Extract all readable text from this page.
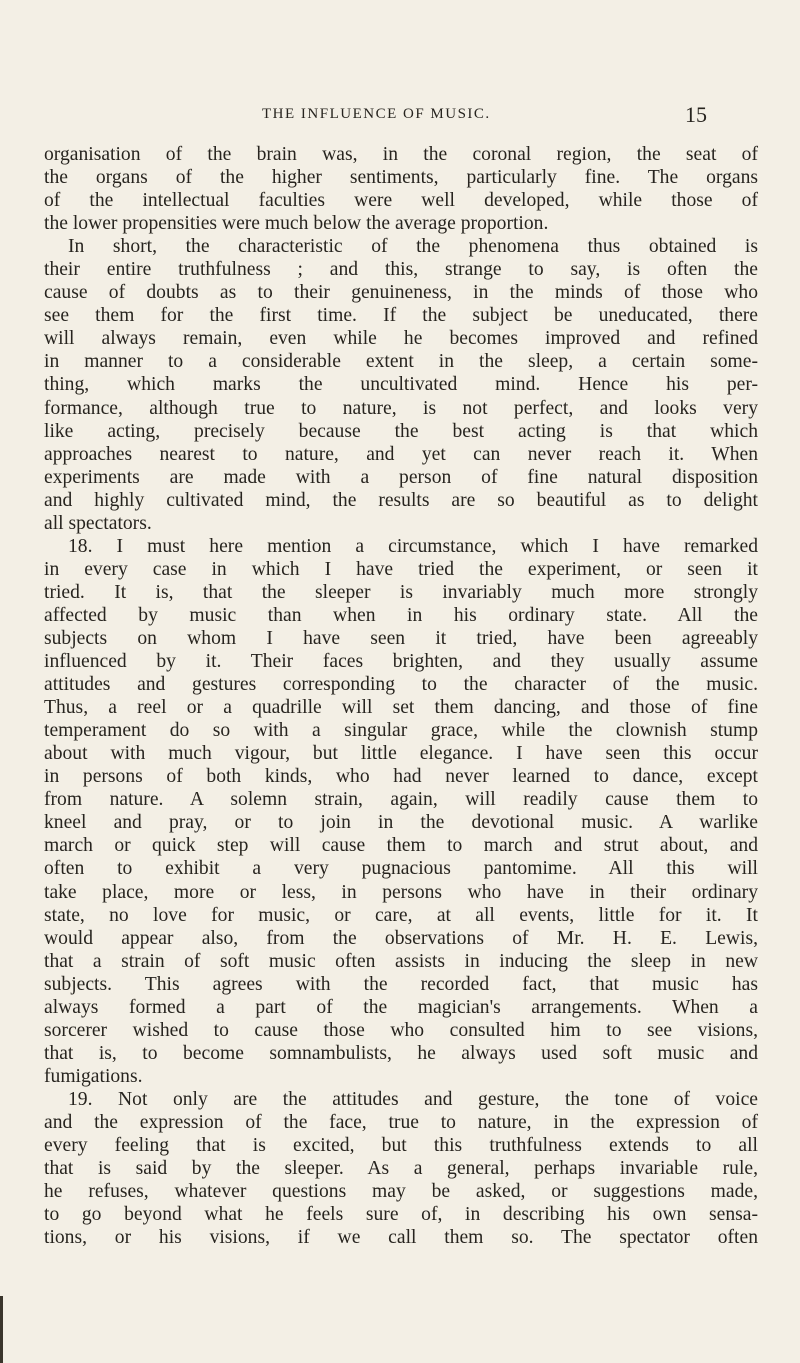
THE INFLUENCE OF MUSIC.	15
organisation of the brain was, in the coronal region, the seat of
the organs of the higher sentiments, particularly fine. The organs
of the intellectual faculties were well developed, while those of
the lower propensities were much below the average proportion.
In short, the characteristic of the phenomena thus obtained is
their entire truthfulness ; and this, strange to say, is often the
cause of doubts as to their genuineness, in the minds of those who
see them for the first time. If the subject be uneducated, there
will always remain, even while he becomes improved and refined
in manner to a considerable extent in the sleep, a certain some-
thing, which marks the uncultivated mind. Hence his per-
formance, although true to nature, is not perfect, and looks very
like acting, precisely because the best acting is that which
approaches nearest to nature, and yet can never reach it. When
experiments are made with a person of fine natural disposition
and highly cultivated mind, the results are so beautiful as to delight
all spectators.
18. I must here mention a circumstance, which I have remarked
in every case in which I have tried the experiment, or seen it
tried. It is, that the sleeper is invariably much more strongly
affected by music than when in his ordinary state. All the
subjects on whom I have seen it tried, have been agreeably
influenced by it. Their faces brighten, and they usually assume
attitudes and gestures corresponding to the character of the music.
Thus, a reel or a quadrille will set them dancing, and those of fine
temperament do so with a singular grace, while the clownish stump
about with much vigour, but little elegance. I have seen this occur
in persons of both kinds, who had never learned to dance, except
from nature. A solemn strain, again, will readily cause them to
kneel and pray, or to join in the devotional music. A warlike
march or quick step will cause them to march and strut about, and
often to exhibit a very pugnacious pantomime. All this will
take place, more or less, in persons who have in their ordinary
state, no love for music, or care, at all events, little for it. It
would appear also, from the observations of Mr. H. E. Lewis,
that a strain of soft music often assists in inducing the sleep in new
subjects. This agrees with the recorded fact, that music has
always formed a part of the magician's arrangements. When a
sorcerer wished to cause those who consulted him to see visions,
that is, to become somnambulists, he always used soft music and
fumigations.
19. Not only are the attitudes and gesture, the tone of voice
and the expression of the face, true to nature, in the expression of
every feeling that is excited, but this truthfulness extends to all
that is said by the sleeper. As a general, perhaps invariable rule,
he refuses, whatever questions may be asked, or suggestions made,
to go beyond what he feels sure of, in describing his own sensa-
tions, or his visions, if we call them so. The spectator often
